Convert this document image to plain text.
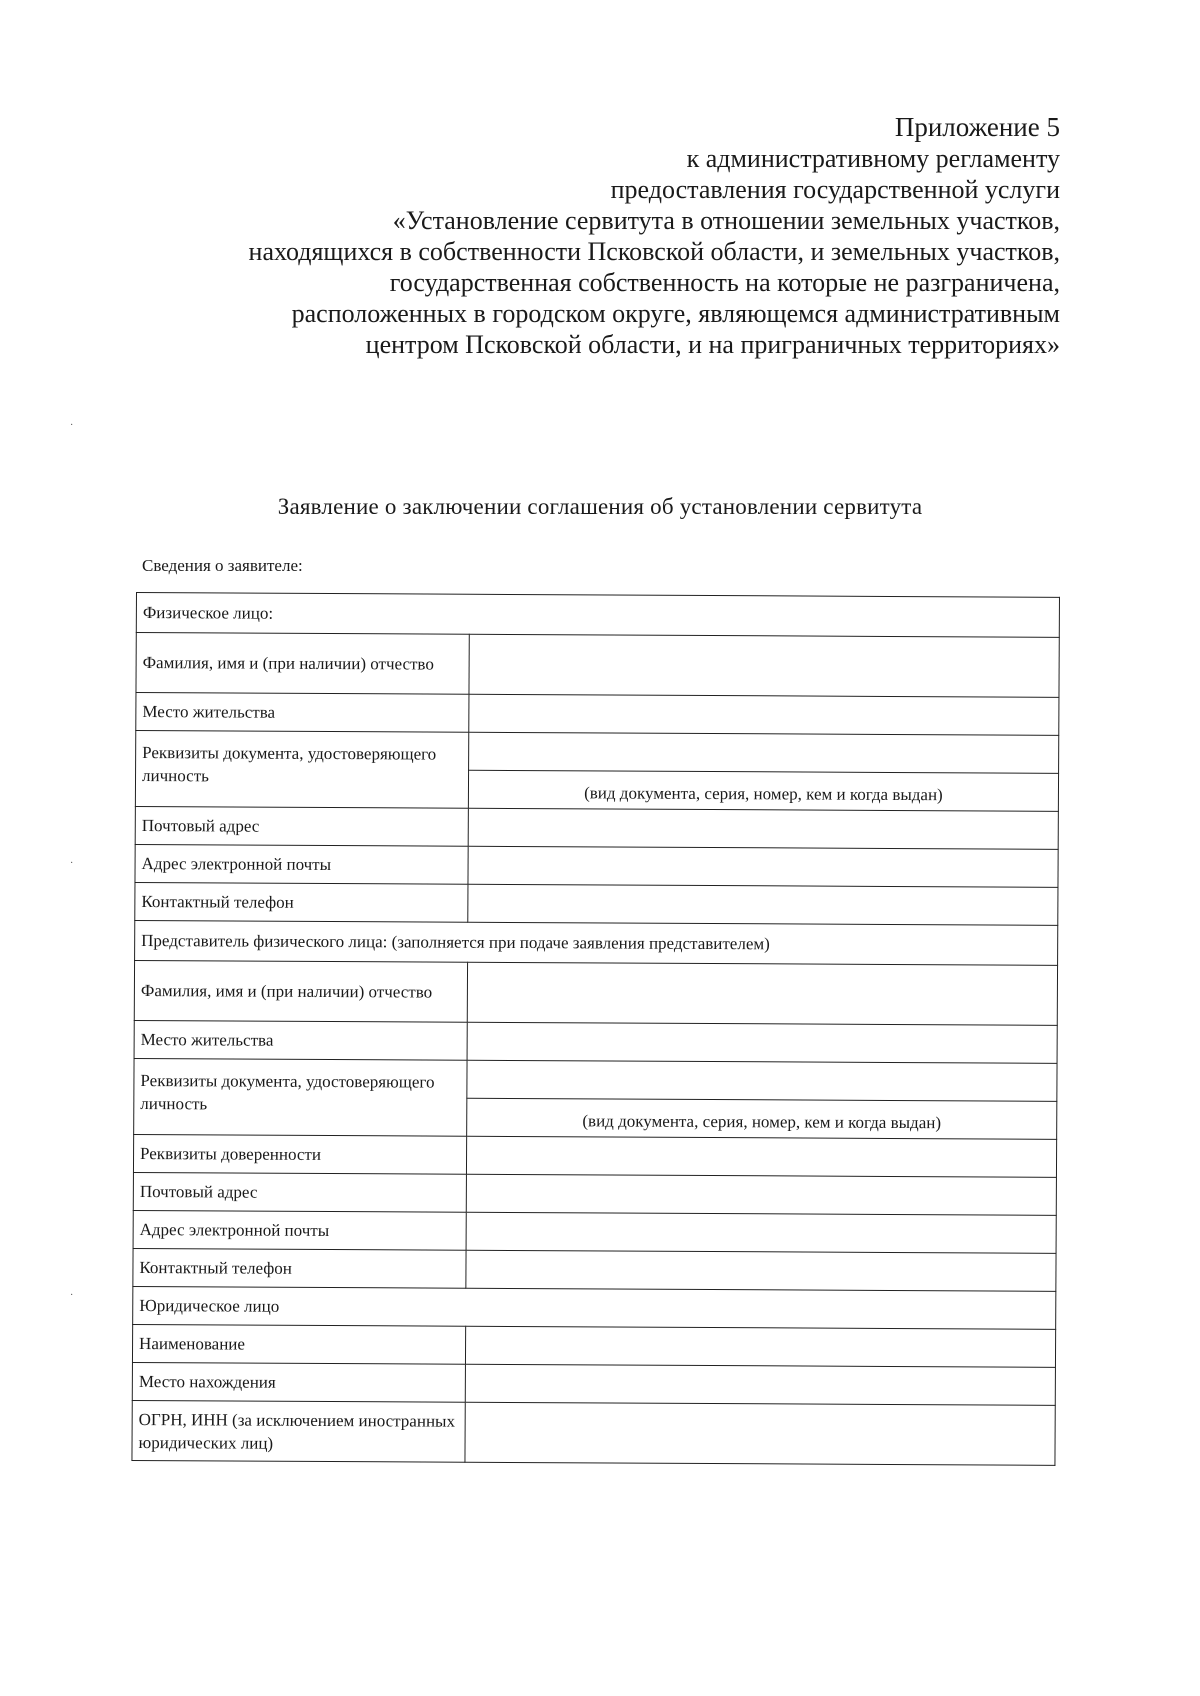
Приложение 5
к административному регламенту
предоставления государственной услуги
«Установление сервитута в отношении земельных участков,
находящихся в собственности Псковской области, и земельных участков,
государственная собственность на которые не разграничена,
расположенных в городском округе, являющемся административным
центром Псковской области, и на приграничных территориях»
Заявление о заключении соглашения об установлении сервитута
Сведения о заявителе:
Физическое лицо:	
Фамилия, имя и (при наличии) отчество	
Место жительства	
Реквизиты документа, удостоверяющего личность	
	(вид документа, серия, номер, кем и когда выдан)
Почтовый адрес	
Адрес электронной почты	
Контактный телефон	
Представитель физического лица: (заполняется при подаче заявления представителем)	
Фамилия, имя и (при наличии) отчество	
Место жительства	
Реквизиты документа, удостоверяющего личность	
	(вид документа, серия, номер, кем и когда выдан)
Реквизиты доверенности	
Почтовый адрес	
Адрес электронной почты	
Контактный телефон	
Юридическое лицо	
Наименование	
Место нахождения	
ОГРН, ИНН (за исключением иностранных юридических лиц)	
·
·
·
